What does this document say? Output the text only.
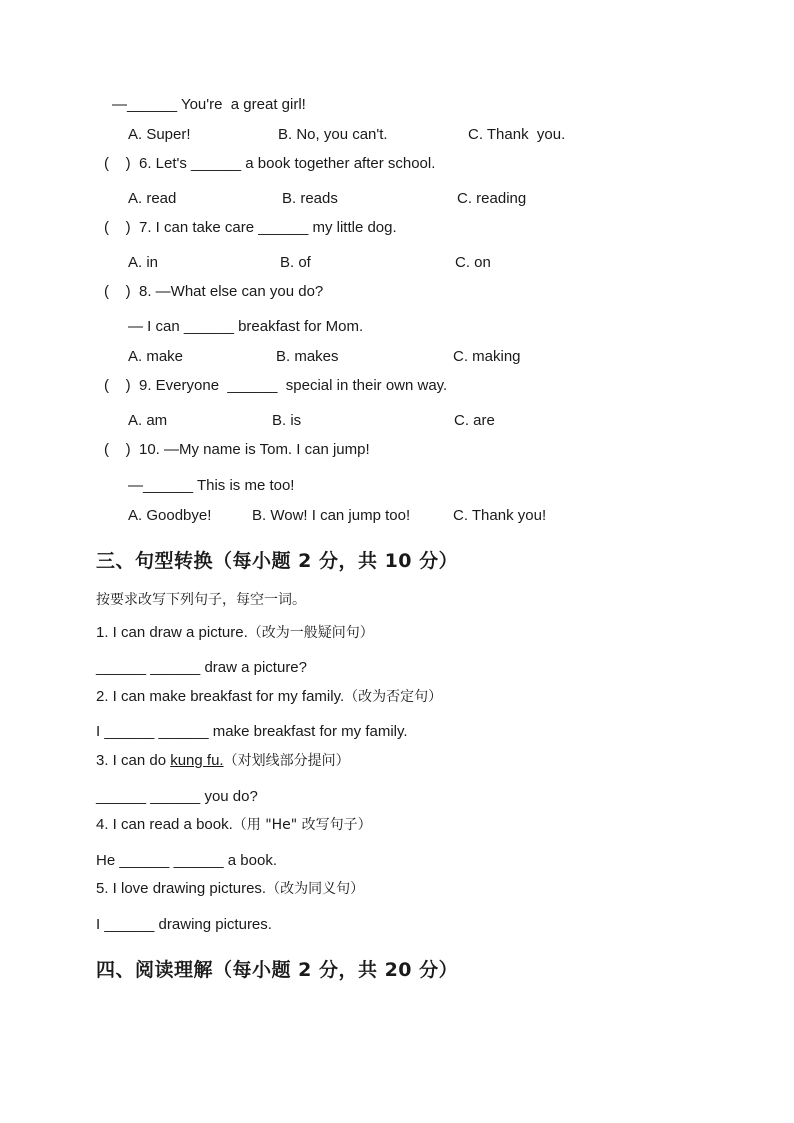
—______ You're  a great girl!
A. Super!	B. No, you can't.	C. Thank  you.
(    )  6. Let's ______ a book together after school.
A. read	B. reads	C. reading
(    )  7. I can take care ______ my little dog.
A. in	B. of	C. on
(    )  8. —What else can you do?
— I can ______ breakfast for Mom.
A. make	B. makes	C. making
(    )  9. Everyone  ______  special in their own way.
A. am	B. is	C. are
(    )  10. —My name is Tom. I can jump!
—______ This is me too!
A. Goodbye!	B. Wow! I can jump too!	C. Thank you!
三、句型转换（每小题 2 分，共 10 分）
按要求改写下列句子，每空一词。
1. I can draw a picture.（改为一般疑问句）
______ ______ draw a picture?
2. I can make breakfast for my family.（改为否定句）
I ______ ______ make breakfast for my family.
3. I can do kung fu.（对划线部分提问）
______ ______ you do?
4. I can read a book.（用 "He" 改写句子）
He ______ ______ a book.
5. I love drawing pictures.（改为同义句）
I ______ drawing pictures.
四、阅读理解（每小题 2 分，共 20 分）
